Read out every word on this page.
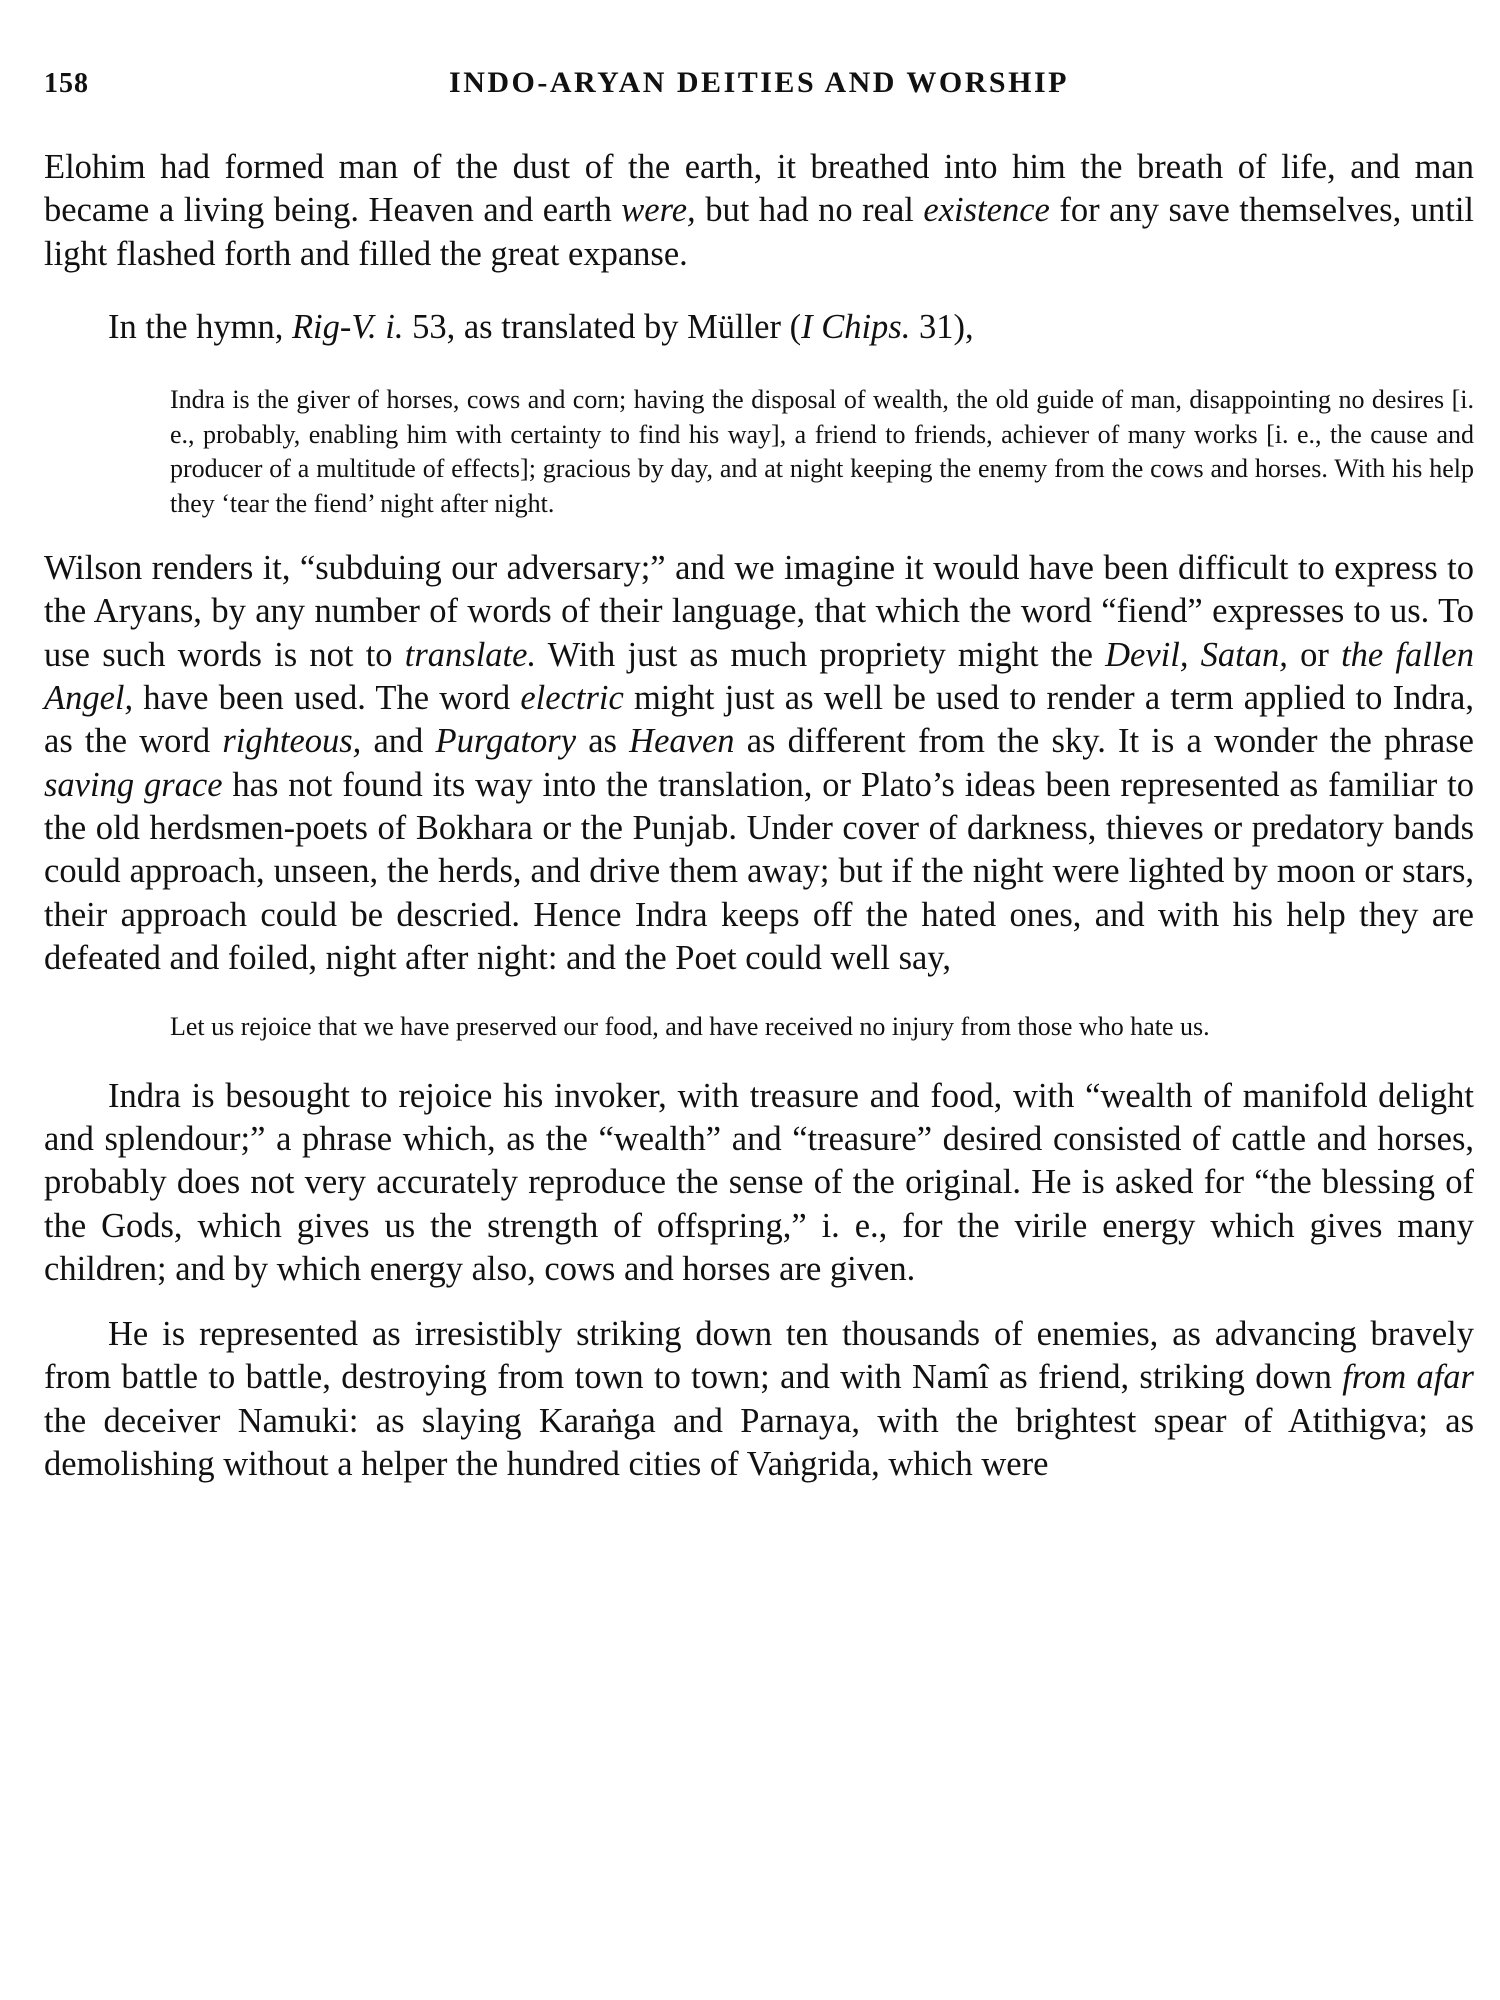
158	INDO-ARYAN DEITIES AND WORSHIP

Elohim had formed man of the dust of the earth, it breathed into him the breath of life, and man became a living being. Heaven and earth were, but had no real existence for any save themselves, until light flashed forth and filled the great expanse.

In the hymn, Rig-V. i. 53, as translated by Müller (I Chips. 31),

Indra is the giver of horses, cows and corn; having the disposal of wealth, the old guide of man, disappointing no desires [i. e., probably, enabling him with certainty to find his way], a friend to friends, achiever of many works [i. e., the cause and producer of a multitude of effects]; gracious by day, and at night keeping the enemy from the cows and horses. With his help they ‘tear the fiend’ night after night.

Wilson renders it, “subduing our adversary;” and we imagine it would have been difficult to express to the Aryans, by any number of words of their language, that which the word “fiend” expresses to us. To use such words is not to translate. With just as much propriety might the Devil, Satan, or the fallen Angel, have been used. The word electric might just as well be used to render a term applied to Indra, as the word righteous, and Purgatory as Heaven as different from the sky. It is a wonder the phrase saving grace has not found its way into the translation, or Plato’s ideas been represented as familiar to the old herdsmen-poets of Bokhara or the Punjab. Under cover of darkness, thieves or predatory bands could approach, unseen, the herds, and drive them away; but if the night were lighted by moon or stars, their approach could be descried. Hence Indra keeps off the hated ones, and with his help they are defeated and foiled, night after night: and the Poet could well say,

Let us rejoice that we have preserved our food, and have received no injury from those who hate us.

Indra is besought to rejoice his invoker, with treasure and food, with “wealth of manifold delight and splendour;” a phrase which, as the “wealth” and “treasure” desired consisted of cattle and horses, probably does not very accurately reproduce the sense of the original. He is asked for “the blessing of the Gods, which gives us the strength of offspring,” i. e., for the virile energy which gives many children; and by which energy also, cows and horses are given.

He is represented as irresistibly striking down ten thousands of enemies, as advancing bravely from battle to battle, destroying from town to town; and with Namî as friend, striking down from afar the deceiver Namuki: as slaying Karaṅga and Parnaya, with the brightest spear of Atithigva; as demolishing without a helper the hundred cities of Vaṅgrida, which were
